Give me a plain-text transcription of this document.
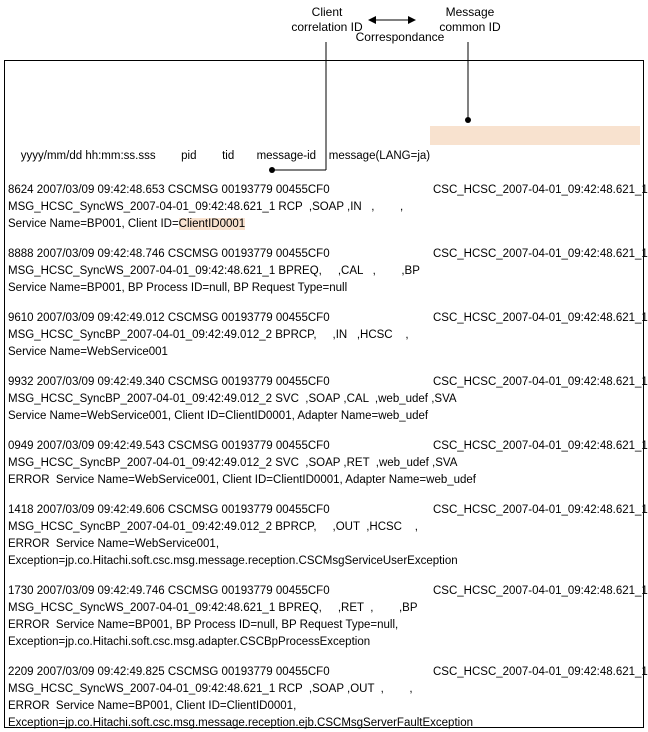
Client
correlation ID
Message
common ID
Correspondance

yyyy/mm/dd hh:mm:ss.sss        pid        tid       message-id    message(LANG=ja)

8624 2007/03/09 09:42:48.653 CSCMSG 00193779 00455CF0	CSC_HCSC_2007-04-01_09:42:48.621_1
MSG_HCSC_SyncWS_2007-04-01_09:42:48.621_1 RCP  ,SOAP ,IN   ,        ,
Service Name=BP001, Client ID=ClientID0001
8888 2007/03/09 09:42:48.746 CSCMSG 00193779 00455CF0	CSC_HCSC_2007-04-01_09:42:48.621_1
MSG_HCSC_SyncWS_2007-04-01_09:42:48.621_1 BPREQ,     ,CAL   ,        ,BP
Service Name=BP001, BP Process ID=null, BP Request Type=null
9610 2007/03/09 09:42:49.012 CSCMSG 00193779 00455CF0	CSC_HCSC_2007-04-01_09:42:48.621_1
MSG_HCSC_SyncBP_2007-04-01_09:42:49.012_2 BPRCP,     ,IN   ,HCSC    ,
Service Name=WebService001
9932 2007/03/09 09:42:49.340 CSCMSG 00193779 00455CF0	CSC_HCSC_2007-04-01_09:42:48.621_1
MSG_HCSC_SyncBP_2007-04-01_09:42:49.012_2 SVC  ,SOAP ,CAL  ,web_udef ,SVA
Service Name=WebService001, Client ID=ClientID0001, Adapter Name=web_udef
0949 2007/03/09 09:42:49.543 CSCMSG 00193779 00455CF0	CSC_HCSC_2007-04-01_09:42:48.621_1
MSG_HCSC_SyncBP_2007-04-01_09:42:49.012_2 SVC  ,SOAP ,RET  ,web_udef ,SVA
ERROR  Service Name=WebService001, Client ID=ClientID0001, Adapter Name=web_udef
1418 2007/03/09 09:42:49.606 CSCMSG 00193779 00455CF0	CSC_HCSC_2007-04-01_09:42:48.621_1
MSG_HCSC_SyncBP_2007-04-01_09:42:49.012_2 BPRCP,     ,OUT  ,HCSC    ,
ERROR  Service Name=WebService001,
Exception=jp.co.Hitachi.soft.csc.msg.message.reception.CSCMsgServiceUserException
1730 2007/03/09 09:42:49.746 CSCMSG 00193779 00455CF0	CSC_HCSC_2007-04-01_09:42:48.621_1
MSG_HCSC_SyncWS_2007-04-01_09:42:48.621_1 BPREQ,     ,RET  ,        ,BP
ERROR  Service Name=BP001, BP Process ID=null, BP Request Type=null,
Exception=jp.co.Hitachi.soft.csc.msg.adapter.CSCBpProcessException
2209 2007/03/09 09:42:49.825 CSCMSG 00193779 00455CF0	CSC_HCSC_2007-04-01_09:42:48.621_1
MSG_HCSC_SyncWS_2007-04-01_09:42:48.621_1 RCP  ,SOAP ,OUT  ,        ,
ERROR  Service Name=BP001, Client ID=ClientID0001,
Exception=jp.co.Hitachi.soft.csc.msg.message.reception.ejb.CSCMsgServerFaultException
